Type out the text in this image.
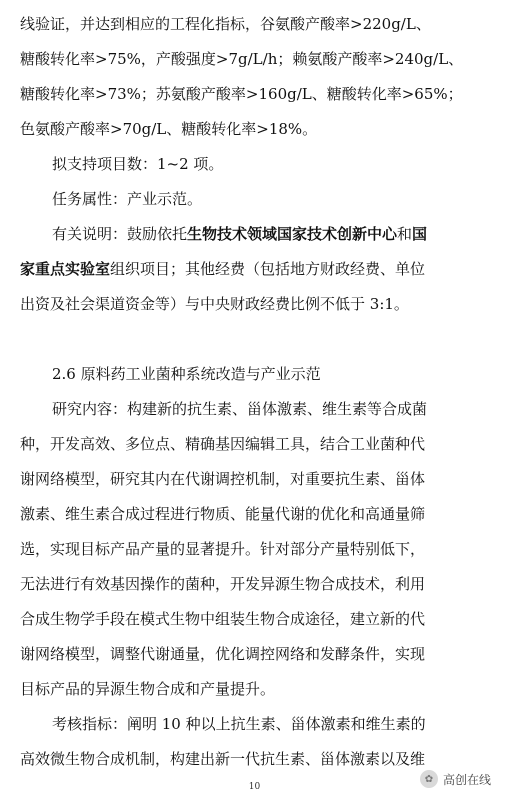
线验证，并达到相应的工程化指标，谷氨酸产酸率>220g/L、
糖酸转化率>75%，产酸强度>7g/L/h；赖氨酸产酸率>240g/L、
糖酸转化率>73%；苏氨酸产酸率>160g/L、糖酸转化率>65%；
色氨酸产酸率>70g/L、糖酸转化率>18%。
拟支持项目数：1~2 项。
任务属性：产业示范。
有关说明：鼓励依托生物技术领域国家技术创新中心和国
家重点实验室组织项目；其他经费（包括地方财政经费、单位
出资及社会渠道资金等）与中央财政经费比例不低于 3:1。
2.6 原料药工业菌种系统改造与产业示范
研究内容：构建新的抗生素、甾体激素、维生素等合成菌
种，开发高效、多位点、精确基因编辑工具，结合工业菌种代
谢网络模型，研究其内在代谢调控机制，对重要抗生素、甾体
激素、维生素合成过程进行物质、能量代谢的优化和高通量筛
选，实现目标产品产量的显著提升。针对部分产量特别低下，
无法进行有效基因操作的菌种，开发异源生物合成技术，利用
合成生物学手段在模式生物中组装生物合成途径，建立新的代
谢网络模型，调整代谢通量，优化调控网络和发酵条件，实现
目标产品的异源生物合成和产量提升。
考核指标：阐明 10 种以上抗生素、甾体激素和维生素的
高效微生物合成机制，构建出新一代抗生素、甾体激素以及维
10
✿ 高创在线
